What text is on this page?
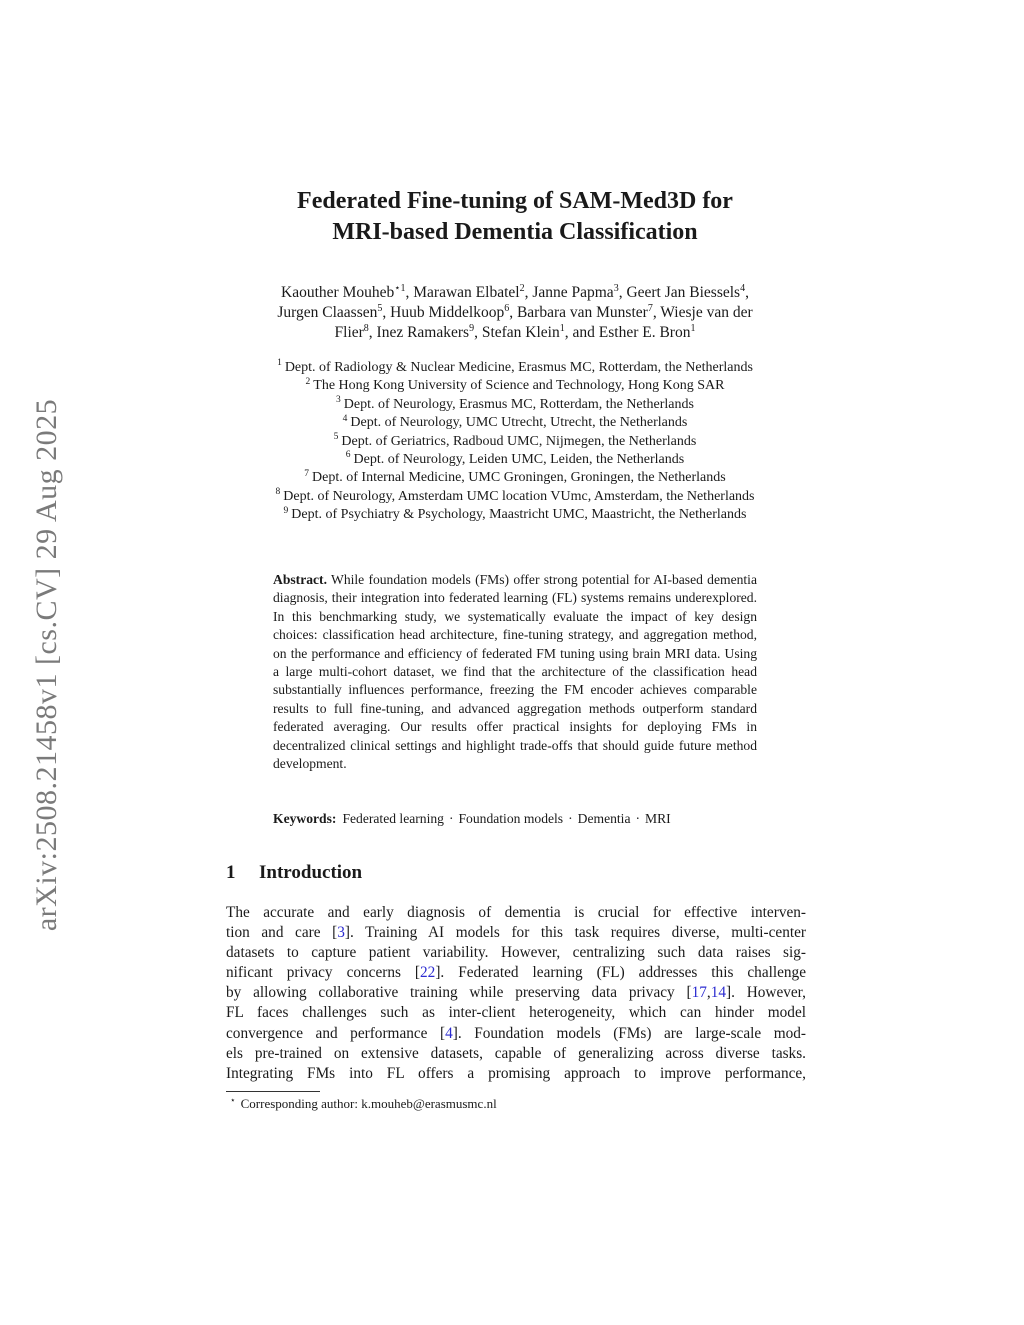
arXiv:2508.21458v1 [cs.CV] 29 Aug 2025
Federated Fine-tuning of SAM-Med3D for
MRI-based Dementia Classification
Kaouther Mouheb$^{⋆1}$, Marawan Elbatel$^2$, Janne Papma$^3$, Geert Jan Biessels$^4$,
Jurgen Claassen$^5$, Huub Middelkoop$^6$, Barbara van Munster$^7$, Wiesje van der
Flier$^8$, Inez Ramakers$^9$, Stefan Klein$^1$, and Esther E. Bron$^1$
$^1$ Dept. of Radiology & Nuclear Medicine, Erasmus MC, Rotterdam, the Netherlands
$^2$ The Hong Kong University of Science and Technology, Hong Kong SAR
$^3$ Dept. of Neurology, Erasmus MC, Rotterdam, the Netherlands
$^4$ Dept. of Neurology, UMC Utrecht, Utrecht, the Netherlands
$^5$ Dept. of Geriatrics, Radboud UMC, Nijmegen, the Netherlands
$^6$ Dept. of Neurology, Leiden UMC, Leiden, the Netherlands
$^7$ Dept. of Internal Medicine, UMC Groningen, Groningen, the Netherlands
$^8$ Dept. of Neurology, Amsterdam UMC location VUmc, Amsterdam, the Netherlands
$^9$ Dept. of Psychiatry & Psychology, Maastricht UMC, Maastricht, the Netherlands
Abstract. While foundation models (FMs) offer strong potential for AI-based dementia diagnosis, their integration into federated learning (FL) systems remains underexplored. In this benchmarking study, we systematically evaluate the impact of key design choices: classification head architecture, fine-tuning strategy, and aggregation method, on the performance and efficiency of federated FM tuning using brain MRI data. Using a large multi-cohort dataset, we find that the architecture of the classification head substantially influences performance, freezing the FM encoder achieves comparable results to full fine-tuning, and advanced aggregation methods outperform standard federated averaging. Our results offer practical insights for deploying FMs in decentralized clinical settings and highlight trade-offs that should guide future method development.
Keywords: Federated learning · Foundation models · Dementia · MRI
1 Introduction
The accurate and early diagnosis of dementia is crucial for effective interven-
tion and care [3]. Training AI models for this task requires diverse, multi-center
datasets to capture patient variability. However, centralizing such data raises sig-
nificant privacy concerns [22]. Federated learning (FL) addresses this challenge
by allowing collaborative training while preserving data privacy [17,14]. However,
FL faces challenges such as inter-client heterogeneity, which can hinder model
convergence and performance [4]. Foundation models (FMs) are large-scale mod-
els pre-trained on extensive datasets, capable of generalizing across diverse tasks.
Integrating FMs into FL offers a promising approach to improve performance,
⋆ Corresponding author: k.mouheb@erasmusmc.nl
